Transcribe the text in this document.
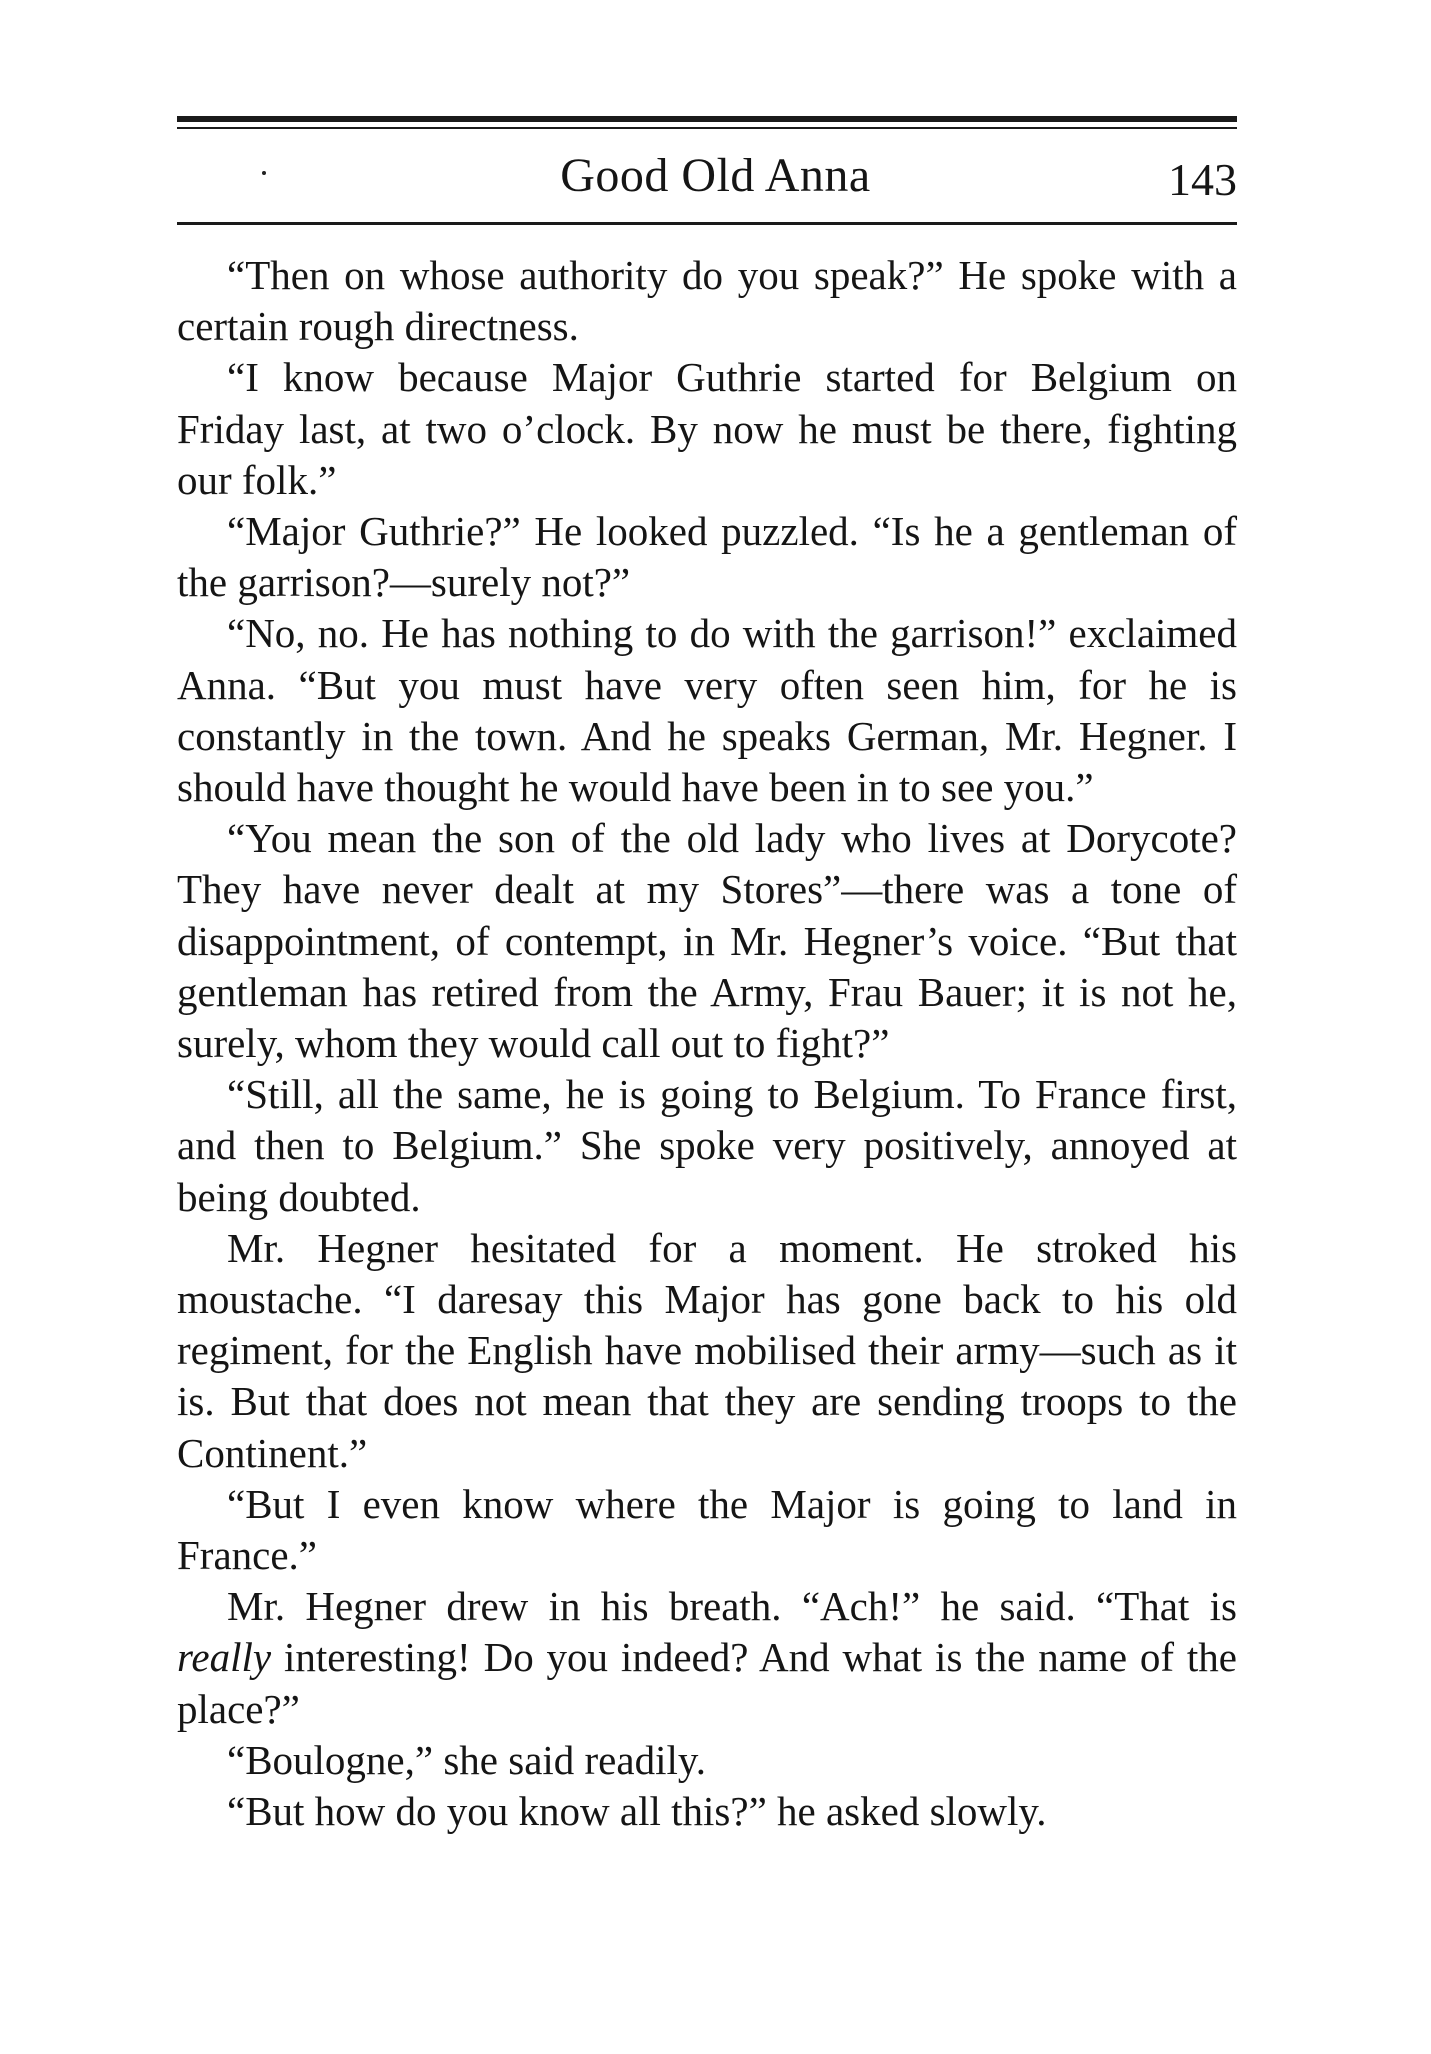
Good Old Anna	143

“Then on whose authority do you speak?” He spoke with a certain rough directness.

“I know because Major Guthrie started for Belgium on Friday last, at two o’clock. By now he must be there, fighting our folk.”

“Major Guthrie?” He looked puzzled. “Is he a gentleman of the garrison?—surely not?”

“No, no. He has nothing to do with the garrison!” exclaimed Anna. “But you must have very often seen him, for he is constantly in the town. And he speaks German, Mr. Hegner. I should have thought he would have been in to see you.”

“You mean the son of the old lady who lives at Dorycote? They have never dealt at my Stores”—there was a tone of disappointment, of contempt, in Mr. Hegner’s voice. “But that gentleman has retired from the Army, Frau Bauer; it is not he, surely, whom they would call out to fight?”

“Still, all the same, he is going to Belgium. To France first, and then to Belgium.” She spoke very positively, annoyed at being doubted.

Mr. Hegner hesitated for a moment. He stroked his moustache. “I daresay this Major has gone back to his old regiment, for the English have mobilised their army—such as it is. But that does not mean that they are sending troops to the Continent.”

“But I even know where the Major is going to land in France.”

Mr. Hegner drew in his breath. “Ach!” he said. “That is really interesting! Do you indeed? And what is the name of the place?”

“Boulogne,” she said readily.

“But how do you know all this?” he asked slowly.
